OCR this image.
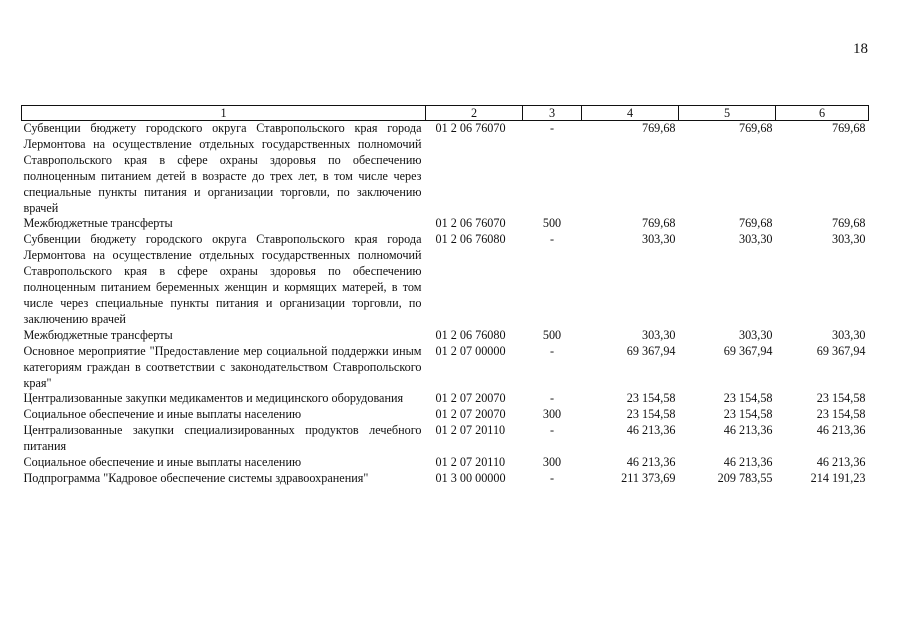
18
1	2	3	4	5	6
Субвенции бюджету городского округа Ставропольского края города Лермонтова на осуществление отдельных государственных полномочий Ставропольского края в сфере охраны здоровья по обеспечению полноценным питанием детей в возрасте до трех лет, в том числе через специальные пункты питания и организации торговли, по заключению врачей	01 2 06 76070	-	769,68	769,68	769,68
Межбюджетные трансферты	01 2 06 76070	500	769,68	769,68	769,68
Субвенции бюджету городского округа Ставропольского края города Лермонтова на осуществление отдельных государственных полномочий Ставропольского края в сфере охраны здоровья по обеспечению полноценным питанием беременных женщин и кормящих матерей, в том числе через специальные пункты питания и организации торговли, по заключению врачей	01 2 06 76080	-	303,30	303,30	303,30
Межбюджетные трансферты	01 2 06 76080	500	303,30	303,30	303,30
Основное мероприятие "Предоставление мер социальной поддержки иным категориям граждан в соответствии с законодательством Ставропольского края"	01 2 07 00000	-	69 367,94	69 367,94	69 367,94
Централизованные закупки медикаментов и медицинского оборудования	01 2 07 20070	-	23 154,58	23 154,58	23 154,58
Социальное обеспечение и иные выплаты населению	01 2 07 20070	300	23 154,58	23 154,58	23 154,58
Централизованные закупки специализированных продуктов лечебного питания	01 2 07 20110	-	46 213,36	46 213,36	46 213,36
Социальное обеспечение и иные выплаты населению	01 2 07 20110	300	46 213,36	46 213,36	46 213,36
Подпрограмма "Кадровое обеспечение системы здравоохранения"	01 3 00 00000	-	211 373,69	209 783,55	214 191,23
